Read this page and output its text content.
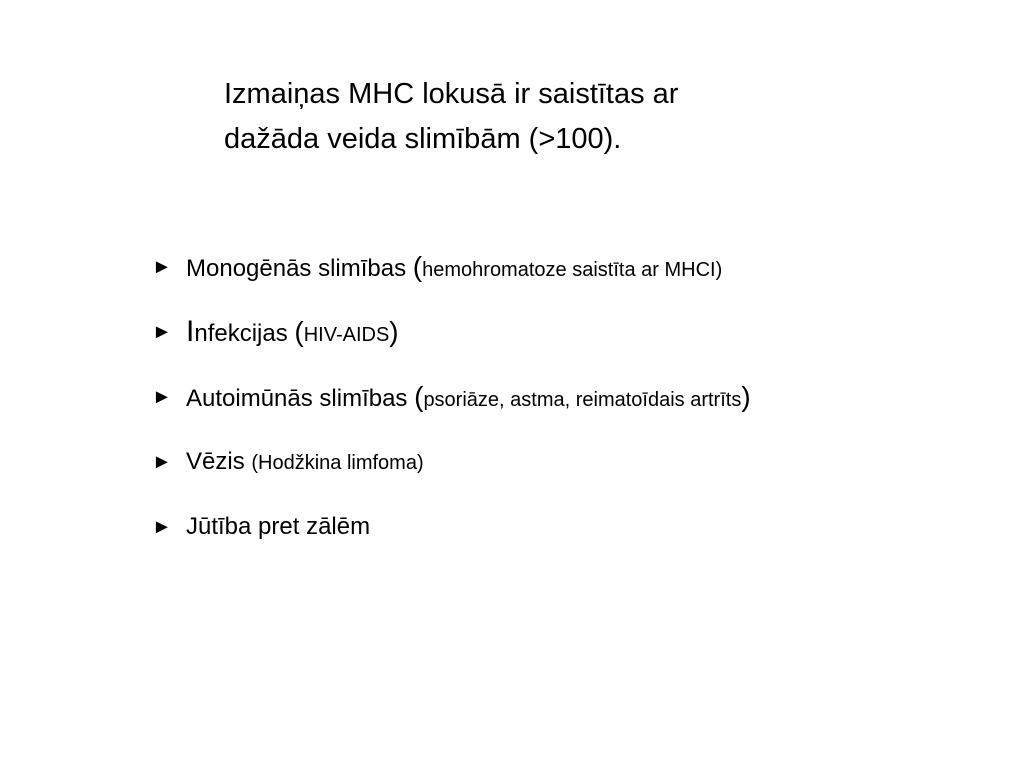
Izmaiņas MHC lokusā ir saistītas ar
dažāda veida slimībām (>100).
► Monogēnās slimības (hemohromatoze saistīta ar MHCI)
► Infekcijas (HIV-AIDS)
► Autoimūnās slimības (psoriāze, astma, reimatoīdais artrīts)
► Vēzis (Hodžkina limfoma)
► Jūtība pret zālēm
